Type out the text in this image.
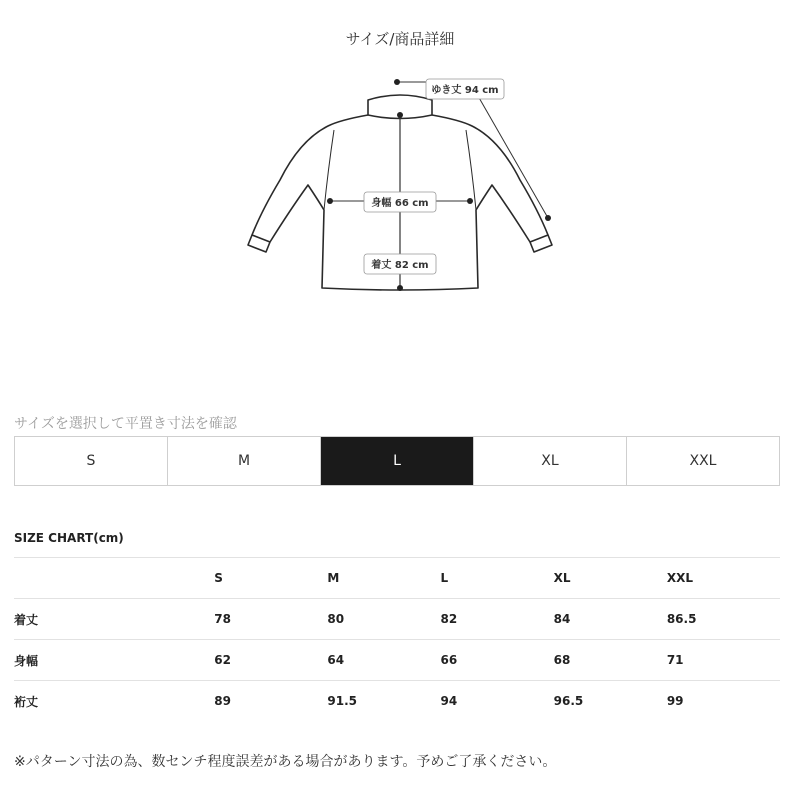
サイズ/商品詳細
ゆき丈 94 cm
身幅 66 cm
着丈 82 cm
サイズを選択して平置き寸法を確認
S	M	L	XL	XXL
SIZE CHART(cm)
	S	M	L	XL	XXL
着丈	78	80	82	84	86.5
身幅	62	64	66	68	71
裄丈	89	91.5	94	96.5	99
※パターン寸法の為、数センチ程度誤差がある場合があります。予めご了承ください。
